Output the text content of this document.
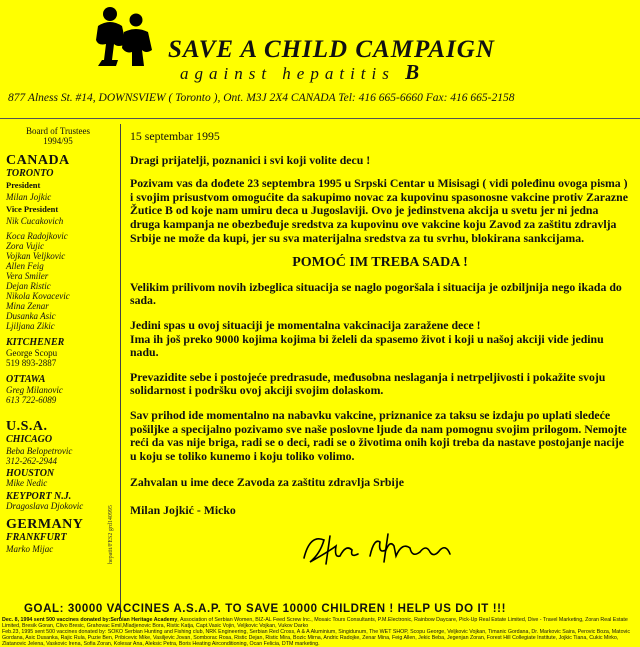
SAVE A CHILD CAMPAIGN
against hepatitis B
877 Alness St. #14, DOWNSVIEW ( Toronto ), Ont. M3J 2X4 CANADA Tel: 416 665-6660 Fax: 416 665-2158
Board of Trustees
1994/95
CANADA
TORONTO
President
Milan Jojkic
Vice President
Nik Cucakovich
Koca Radojkovic
Zora Vujic
Vojkan Veljkovic
Allen Feig
Vera Smiler
Dejan Ristic
Nikola Kovacevic
Mina Zenar
Dusanka Asic
Ljiljana Zikic
KITCHENER
George Scopu
519 893-2887
OTTAWA
Greg Milanovic
613 722-6089
U.S.A.
CHICAGO
Beba Belopetrovic
312-262-2944
HOUSTON
Mike Nedic
KEYPORT N.J.
Dragoslava Djokovic
GERMANY
FRANKFURT
Marko Mijac	hepatit/FES2 grd140995

15 septembar 1995

Dragi prijatelji, poznanici i svi koji volite decu !

Pozivam vas da dođete 23 septembra 1995 u Srpski Centar u Misisagi ( vidi poleđinu ovoga pisma ) i svojim prisustvom omogućite da sakupimo novac za kupovinu spasonosne vakcine protiv Zarazne Žutice B od koje nam umiru deca u Jugoslaviji. Ovo je jedinstvena akcija u svetu jer ni jedna druga kampanja ne obezbeđuje sredstva za kupovinu ove vakcine koju Zavod za zaštitu zdravlja Srbije ne može da kupi, jer su sva materijalna sredstva za tu svrhu, blokirana sankcijama.

POMOĆ IM TREBA SADA !

Velikim prilivom novih izbeglica situacija se naglo pogoršala i situacija je ozbiljnija nego ikada do sada.

Jedini spas u ovoj situaciji je momentalna vakcinacija zaražene dece !

Ima ih još preko 9000 kojima kojima bi želeli da spasemo život i koji u našoj akciji vide jedinu nadu.

Prevazidite sebe i postojeće predrasude, međusobna neslaganja i netrpeljivosti i pokažite svoju solidarnost i podršku ovoj akciji svojim dolaskom.

Sav prihod ide momentalno na nabavku vakcine, priznanice za taksu se izdaju po uplati sledeće pošiljke a specijalno pozivamo sve naše poslovne ljude da nam pomognu svojim prilogom. Nemojte reći da vas nije briga, radi se o deci, radi se o životima onih koji treba da nastave postojanje nacije u koju se toliko kunemo i koju toliko volimo.

Zahvalan u ime dece Zavoda za zaštitu zdravlja Srbije

Milan Jojkić - Micko

GOAL: 30000 VACCINES A.S.A.P. TO SAVE 10000 CHILDREN ! HELP US DO IT !!!
Dec. 8, 1994 sent 500 vaccines donated by:Serbian Heritage Academy, Association of Serbian Women, BIZ-AL Feed Screw Inc., Mosaic Tours Consultants, P.M.Electronic, Rainbow Daycare, Pick-Up Real Estate Limited, Dive - Travel Marketing, Zoran Real Estate Limited, Bresik Goran, Clivo Bresic, Grahovac Emil,Mladjenovic Bora, Ristic Katja, Capt.Vasic Vojin, Veljkovic Vojkan, Vukov Darko
Feb.23, 1995 sent 500 vaccines donated by: SOKO Serbian Hunting and Fishing club, NRK Engineering, Serbian Red Cross, A & A Aluminium, Singidunum, The WET SHOP, Scopu George, Veljkovic Vojkan, Timanic Gordana, Dr. Markovic Saira, Perovic Boza, Matovic Gordana, Asic Dusanka, Rajic Rula, Puzie Ben, Pribicevic Mike, Vasiljevic Jovan, Somborac Rosa, Ristic Dejan, Ristic Mira, Bozic Mirna, Andric Radojke, Zenar Mina, Feig Allen, Jekic Beba, Jegenjan Zoran, Forest Hill Collegiate Institute, Jojkic Tiana, Cukic Mirko, Zlatanovic Jelena, Vaskovic Irena, Sofia Zoran, Kolesar Ana, Aleksic Petra, Boris Heating Airconditioning, Ocan Felicia, DTM marketing.
